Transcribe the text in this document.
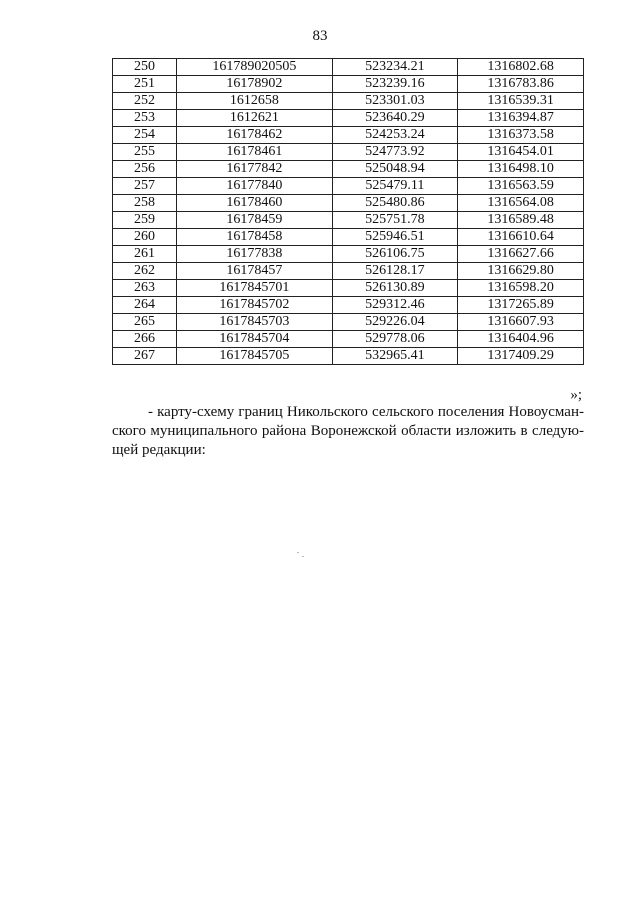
83
250	161789020505	523234.21	1316802.68
251	16178902	523239.16	1316783.86
252	1612658	523301.03	1316539.31
253	1612621	523640.29	1316394.87
254	16178462	524253.24	1316373.58
255	16178461	524773.92	1316454.01
256	16177842	525048.94	1316498.10
257	16177840	525479.11	1316563.59
258	16178460	525480.86	1316564.08
259	16178459	525751.78	1316589.48
260	16178458	525946.51	1316610.64
261	16177838	526106.75	1316627.66
262	16178457	526128.17	1316629.80
263	1617845701	526130.89	1316598.20
264	1617845702	529312.46	1317265.89
265	1617845703	529226.04	1316607.93
266	1617845704	529778.06	1316404.96
267	1617845705	532965.41	1317409.29
»;
- карту-схему границ Никольского сельского поселения Новоусман-
ского муниципального района Воронежской области изложить в следую-
щей редакции:
